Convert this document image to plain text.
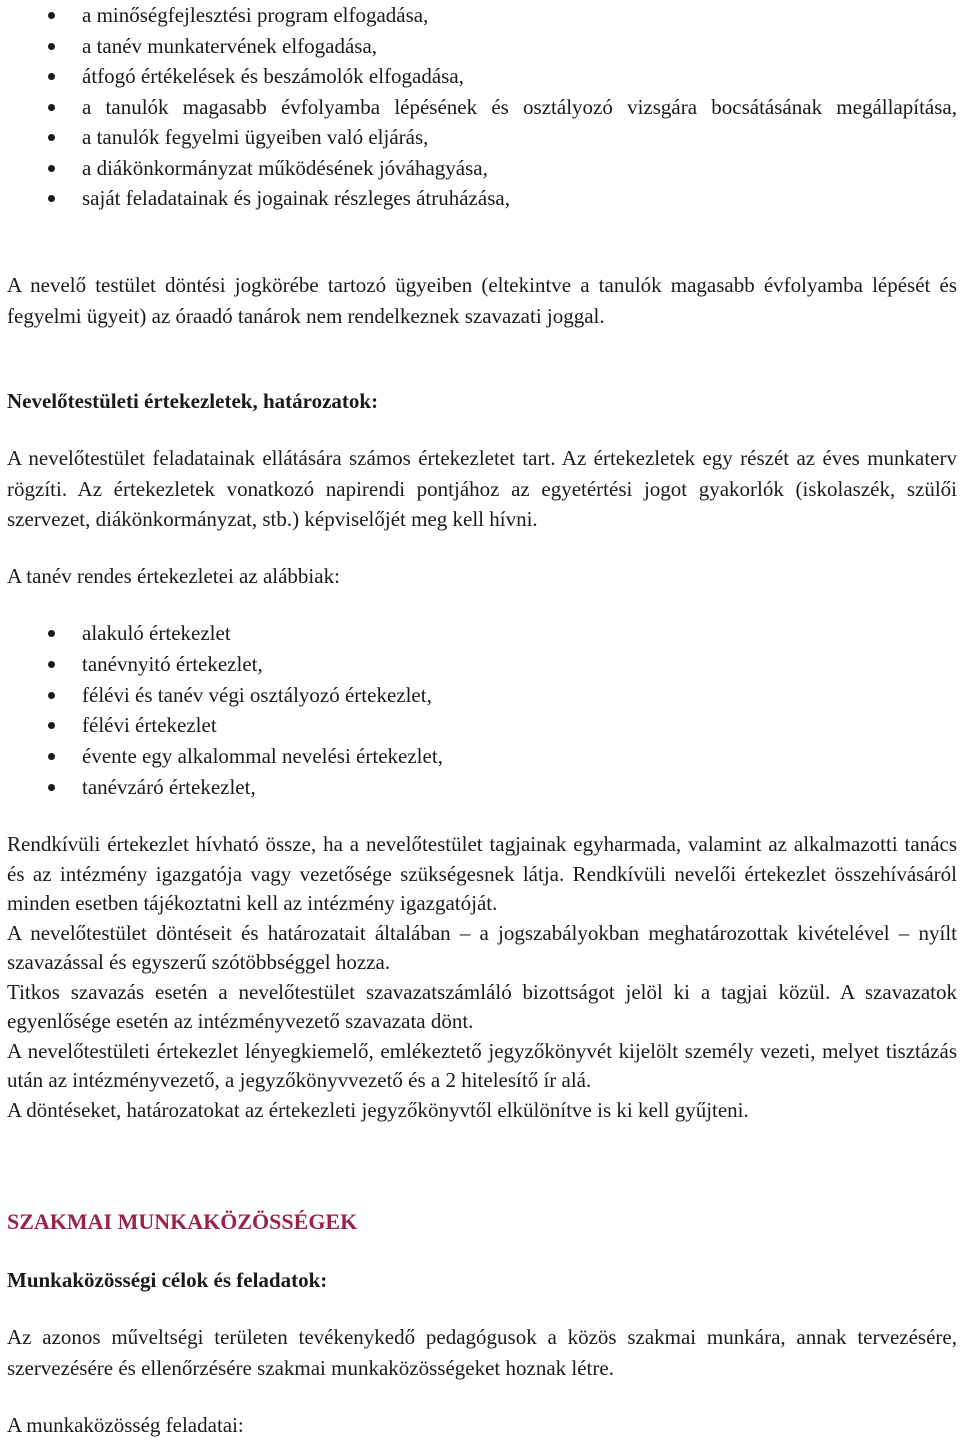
a minőségfejlesztési program elfogadása,
a tanév munkatervének elfogadása,
átfogó értékelések és beszámolók elfogadása,
a tanulók magasabb évfolyamba lépésének és osztályozó vizsgára bocsátásának megállapítása,
a tanulók fegyelmi ügyeiben való eljárás,
a diákönkormányzat működésének jóváhagyása,
saját feladatainak és jogainak részleges átruházása,

A nevelő testület döntési jogkörébe tartozó ügyeiben (eltekintve a tanulók magasabb évfolyamba lépését és fegyelmi ügyeit) az óraadó tanárok nem rendelkeznek szavazati joggal.

Nevelőtestületi értekezletek, határozatok:

A nevelőtestület feladatainak ellátására számos értekezletet tart. Az értekezletek egy részét az éves munkaterv rögzíti. Az értekezletek vonatkozó napirendi pontjához az egyetértési jogot gyakorlók (iskolaszék, szülői szervezet, diákönkormányzat, stb.) képviselőjét meg kell hívni.

A tanév rendes értekezletei az alábbiak:

alakuló értekezlet
tanévnyitó értekezlet,
félévi és tanév végi osztályozó értekezlet,
félévi értekezlet
évente egy alkalommal nevelési értekezlet,
tanévzáró értekezlet,

Rendkívüli értekezlet hívható össze, ha a nevelőtestület tagjainak egyharmada, valamint az alkalmazotti tanács és az intézmény igazgatója vagy vezetősége szükségesnek látja. Rendkívüli nevelői értekezlet összehívásáról minden esetben tájékoztatni kell az intézmény igazgatóját.

A nevelőtestület döntéseit és határozatait általában – a jogszabályokban meghatározottak kivételével – nyílt szavazással és egyszerű szótöbbséggel hozza.

Titkos szavazás esetén a nevelőtestület szavazatszámláló bizottságot jelöl ki a tagjai közül. A szavazatok egyenlősége esetén az intézményvezető szavazata dönt.

A nevelőtestületi értekezlet lényegkiemelő, emlékeztető jegyzőkönyvét kijelölt személy vezeti, melyet tisztázás után az intézményvezető, a jegyzőkönyvvezető és a 2 hitelesítő ír alá.

A döntéseket, határozatokat az értekezleti jegyzőkönyvtől elkülönítve is ki kell gyűjteni.

SZAKMAI MUNKAKÖZÖSSÉGEK

Munkaközösségi célok és feladatok:

Az azonos műveltségi területen tevékenykedő pedagógusok a közös szakmai munkára, annak tervezésére, szervezésére és ellenőrzésére szakmai munkaközösségeket hoznak létre.

A munkaközösség feladatai:
